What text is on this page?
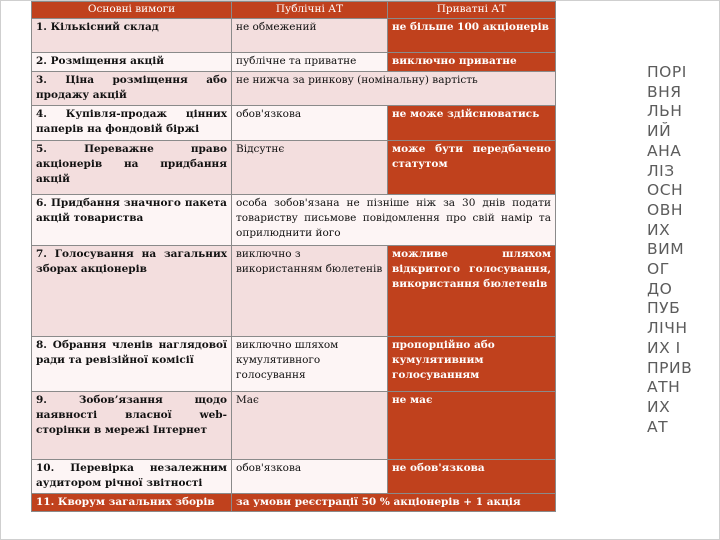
Основні вимоги	Публічні АТ	Приватні АТ
1. Кількісний склад	не обмежений	не більше 100 акціонерів
2. Розміщення акцій	публічне та приватне	виключно приватне
3. Ціна розміщення або продажу акцій	не нижча за ринкову (номінальну) вартість	
4. Купівля-продаж цінних паперів на фондовій біржі	обов'язкова	не може здійснюватись
5. Переважне право акціонерів на придбання акцій	Відсутнє	може бути передбачено статутом
6. Придбання значного пакета акцій товариства	особа зобов'язана не пізніше ніж за 30 днів подати товариству письмове повідомлення про свій намір та оприлюднити його	
7. Голосування на загальних зборах акціонерів	виключно з використанням бюлетенів	можливе шляхом відкритого голосування, використання бюлетенів
8. Обрання членів наглядової ради та ревізійної комісії	виключно шляхом кумулятивного голосування	пропорційно або кумулятивним голосуванням
9. Зобов’язання щодо наявності власної web-сторінки в мережі Інтернет	Має	не має
10. Перевірка незалежним аудитором річної звітності	обов'язкова	не обов'язкова
11. Кворум загальних зборів	за умови реєстрації 50 % акціонерів + 1 акція	
ПОРІ
ВНЯ
ЛЬН
ИЙ
АНА
ЛІЗ
ОСН
ОВН
ИХ
ВИМ
ОГ
ДО
ПУБ
ЛІЧН
ИХ І
ПРИВ
АТН
ИХ
АТ
